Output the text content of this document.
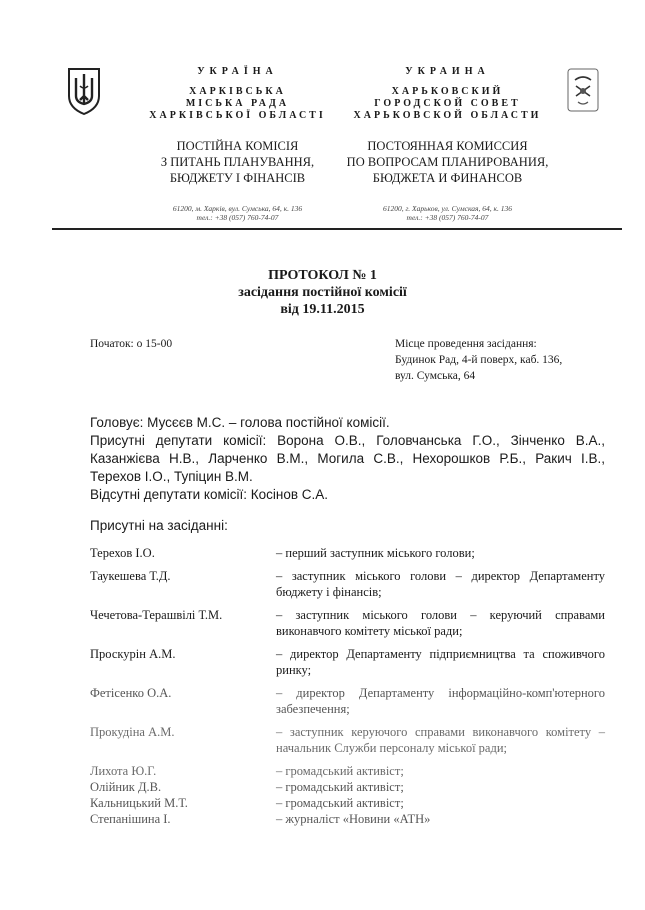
УКРАЇНА
ХАРКІВСЬКА
МІСЬКА РАДА
ХАРКІВСЬКОЇ ОБЛАСТІ
ПОСТІЙНА КОМІСІЯ
З ПИТАНЬ ПЛАНУВАННЯ,
БЮДЖЕТУ І ФІНАНСІВ
61200, м. Харків, вул. Сумська, 64, к. 136
тел.: +38 (057) 760-74-07
УКРАИНА
ХАРЬКОВСКИЙ
ГОРОДСКОЙ СОВЕТ
ХАРЬКОВСКОЙ ОБЛАСТИ
ПОСТОЯННАЯ КОМИССИЯ
ПО ВОПРОСАМ ПЛАНИРОВАНИЯ,
БЮДЖЕТА И ФИНАНСОВ
61200, г. Харьков, ул. Сумская, 64, к. 136
тел.: +38 (057) 760-74-07
ПРОТОКОЛ № 1
засідання постійної комісії
від 19.11.2015
Початок: о 15-00	Місце проведення засідання:
Будинок Рад, 4-й поверх, каб. 136,
вул. Сумська, 64
Головує: Мусєєв М.С. – голова постійної комісії.
Присутні депутати комісії: Ворона О.В., Головчанська Г.О., Зінченко В.А., Казанжієва Н.В., Ларченко В.М., Могила С.В., Нехорошков Р.Б., Ракич І.В., Терехов І.О., Тупіцин В.М.
Відсутні депутати комісії: Косінов С.А.
Присутні на засіданні:
Терехов І.О.	– перший заступник міського голови;
Таукешева Т.Д.	– заступник міського голови – директор Департаменту бюджету і фінансів;
Чечетова-Терашвілі Т.М.	– заступник міського голови – керуючий справами виконавчого комітету міської ради;
Проскурін А.М.	– директор Департаменту підприємництва та споживчого ринку;
Фетісенко О.А.	– директор Департаменту інформаційно-комп'ютерного забезпечення;
Прокудіна А.М.	– заступник керуючого справами виконавчого комітету – начальник Служби персоналу міської ради;
Лихота Ю.Г.	– громадський активіст;
Олійник Д.В.	– громадський активіст;
Кальницький М.Т.	– громадський активіст;
Степанішина І.	– журналіст «Новини «АТН»
